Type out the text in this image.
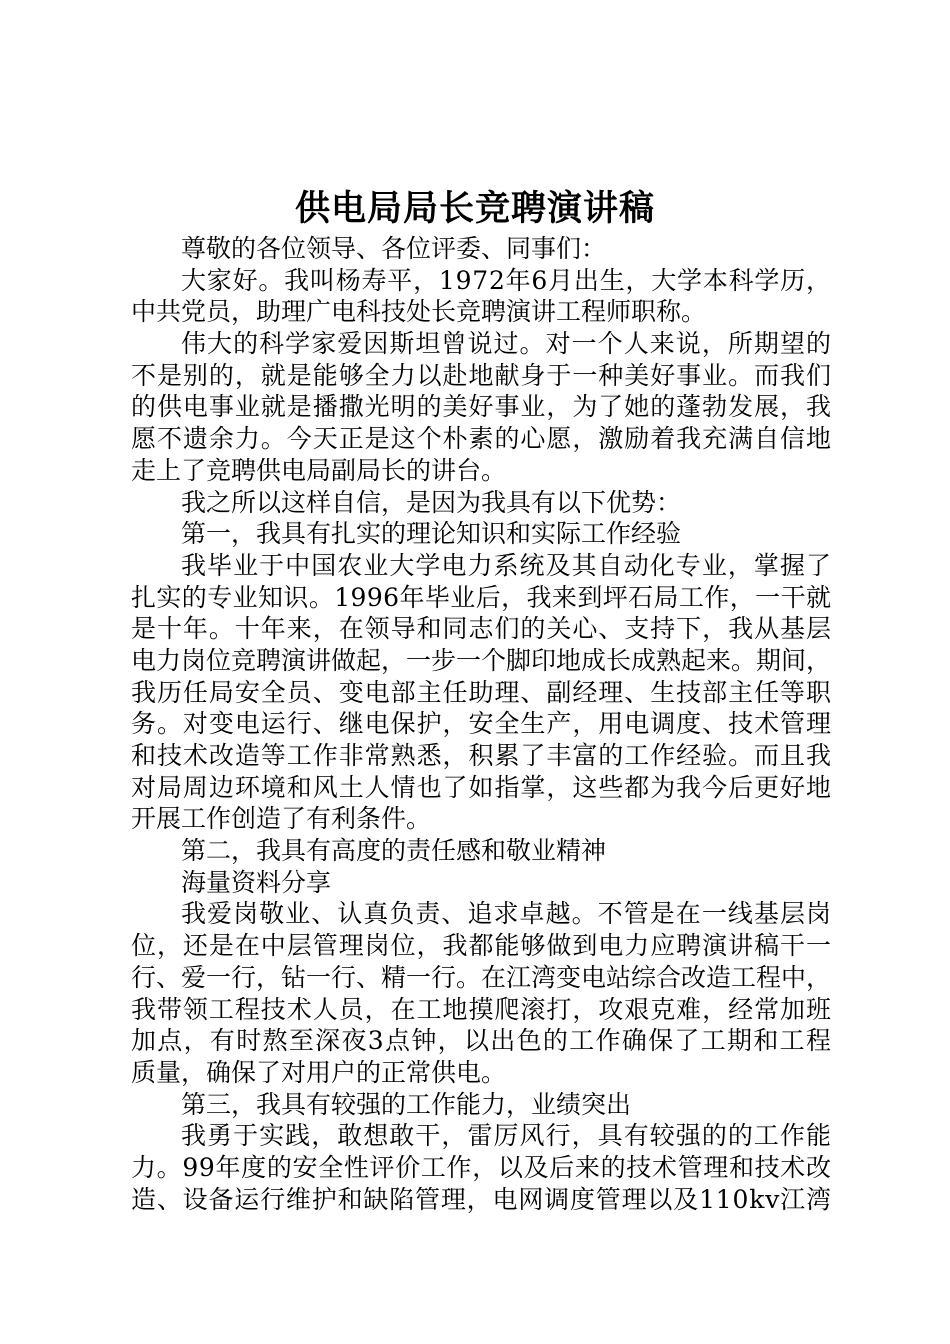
供电局局长竞聘演讲稿
尊敬的各位领导、各位评委、同事们：
大家好。我叫杨寿平，1972年6月出生，大学本科学历，
中共党员，助理广电科技处长竞聘演讲工程师职称。
伟大的科学家爱因斯坦曾说过。对一个人来说，所期望的
不是别的，就是能够全力以赴地献身于一种美好事业。而我们
的供电事业就是播撒光明的美好事业，为了她的蓬勃发展，我
愿不遗余力。今天正是这个朴素的心愿，激励着我充满自信地
走上了竞聘供电局副局长的讲台。
我之所以这样自信，是因为我具有以下优势：
第一，我具有扎实的理论知识和实际工作经验
我毕业于中国农业大学电力系统及其自动化专业，掌握了
扎实的专业知识。1996年毕业后，我来到坪石局工作，一干就
是十年。十年来，在领导和同志们的关心、支持下，我从基层
电力岗位竞聘演讲做起，一步一个脚印地成长成熟起来。期间，
我历任局安全员、变电部主任助理、副经理、生技部主任等职
务。对变电运行、继电保护，安全生产，用电调度、技术管理
和技术改造等工作非常熟悉，积累了丰富的工作经验。而且我
对局周边环境和风土人情也了如指掌，这些都为我今后更好地
开展工作创造了有利条件。
第二，我具有高度的责任感和敬业精神
海量资料分享
我爱岗敬业、认真负责、追求卓越。不管是在一线基层岗
位，还是在中层管理岗位，我都能够做到电力应聘演讲稿干一
行、爱一行，钻一行、精一行。在江湾变电站综合改造工程中，
我带领工程技术人员，在工地摸爬滚打，攻艰克难，经常加班
加点，有时熬至深夜3点钟，以出色的工作确保了工期和工程
质量，确保了对用户的正常供电。
第三，我具有较强的工作能力，业绩突出
我勇于实践，敢想敢干，雷厉风行，具有较强的的工作能
力。99年度的安全性评价工作，以及后来的技术管理和技术改
造、设备运行维护和缺陷管理，电网调度管理以及110kv江湾
